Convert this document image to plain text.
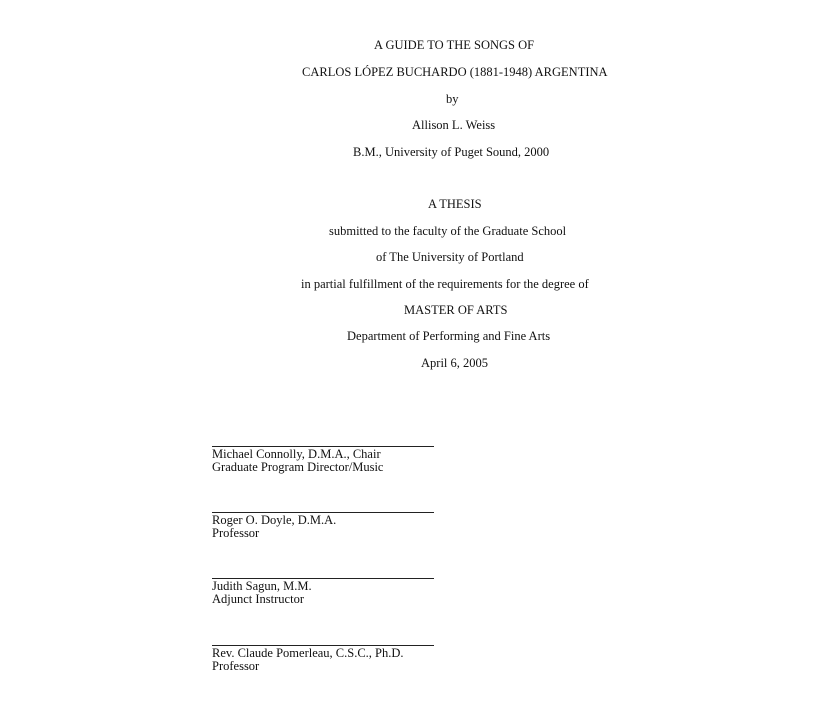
A GUIDE TO THE SONGS OF
CARLOS LÓPEZ BUCHARDO (1881-1948) ARGENTINA
by
Allison L. Weiss
B.M., University of Puget Sound, 2000
A THESIS
submitted to the faculty of the Graduate School
of The University of Portland
in partial fulfillment of the requirements for the degree of
MASTER OF ARTS
Department of Performing and Fine Arts
April 6, 2005
Michael Connolly, D.M.A., Chair
Graduate Program Director/Music
Roger O. Doyle, D.M.A.
Professor
Judith Sagun, M.M.
Adjunct Instructor
Rev. Claude Pomerleau, C.S.C., Ph.D.
Professor
